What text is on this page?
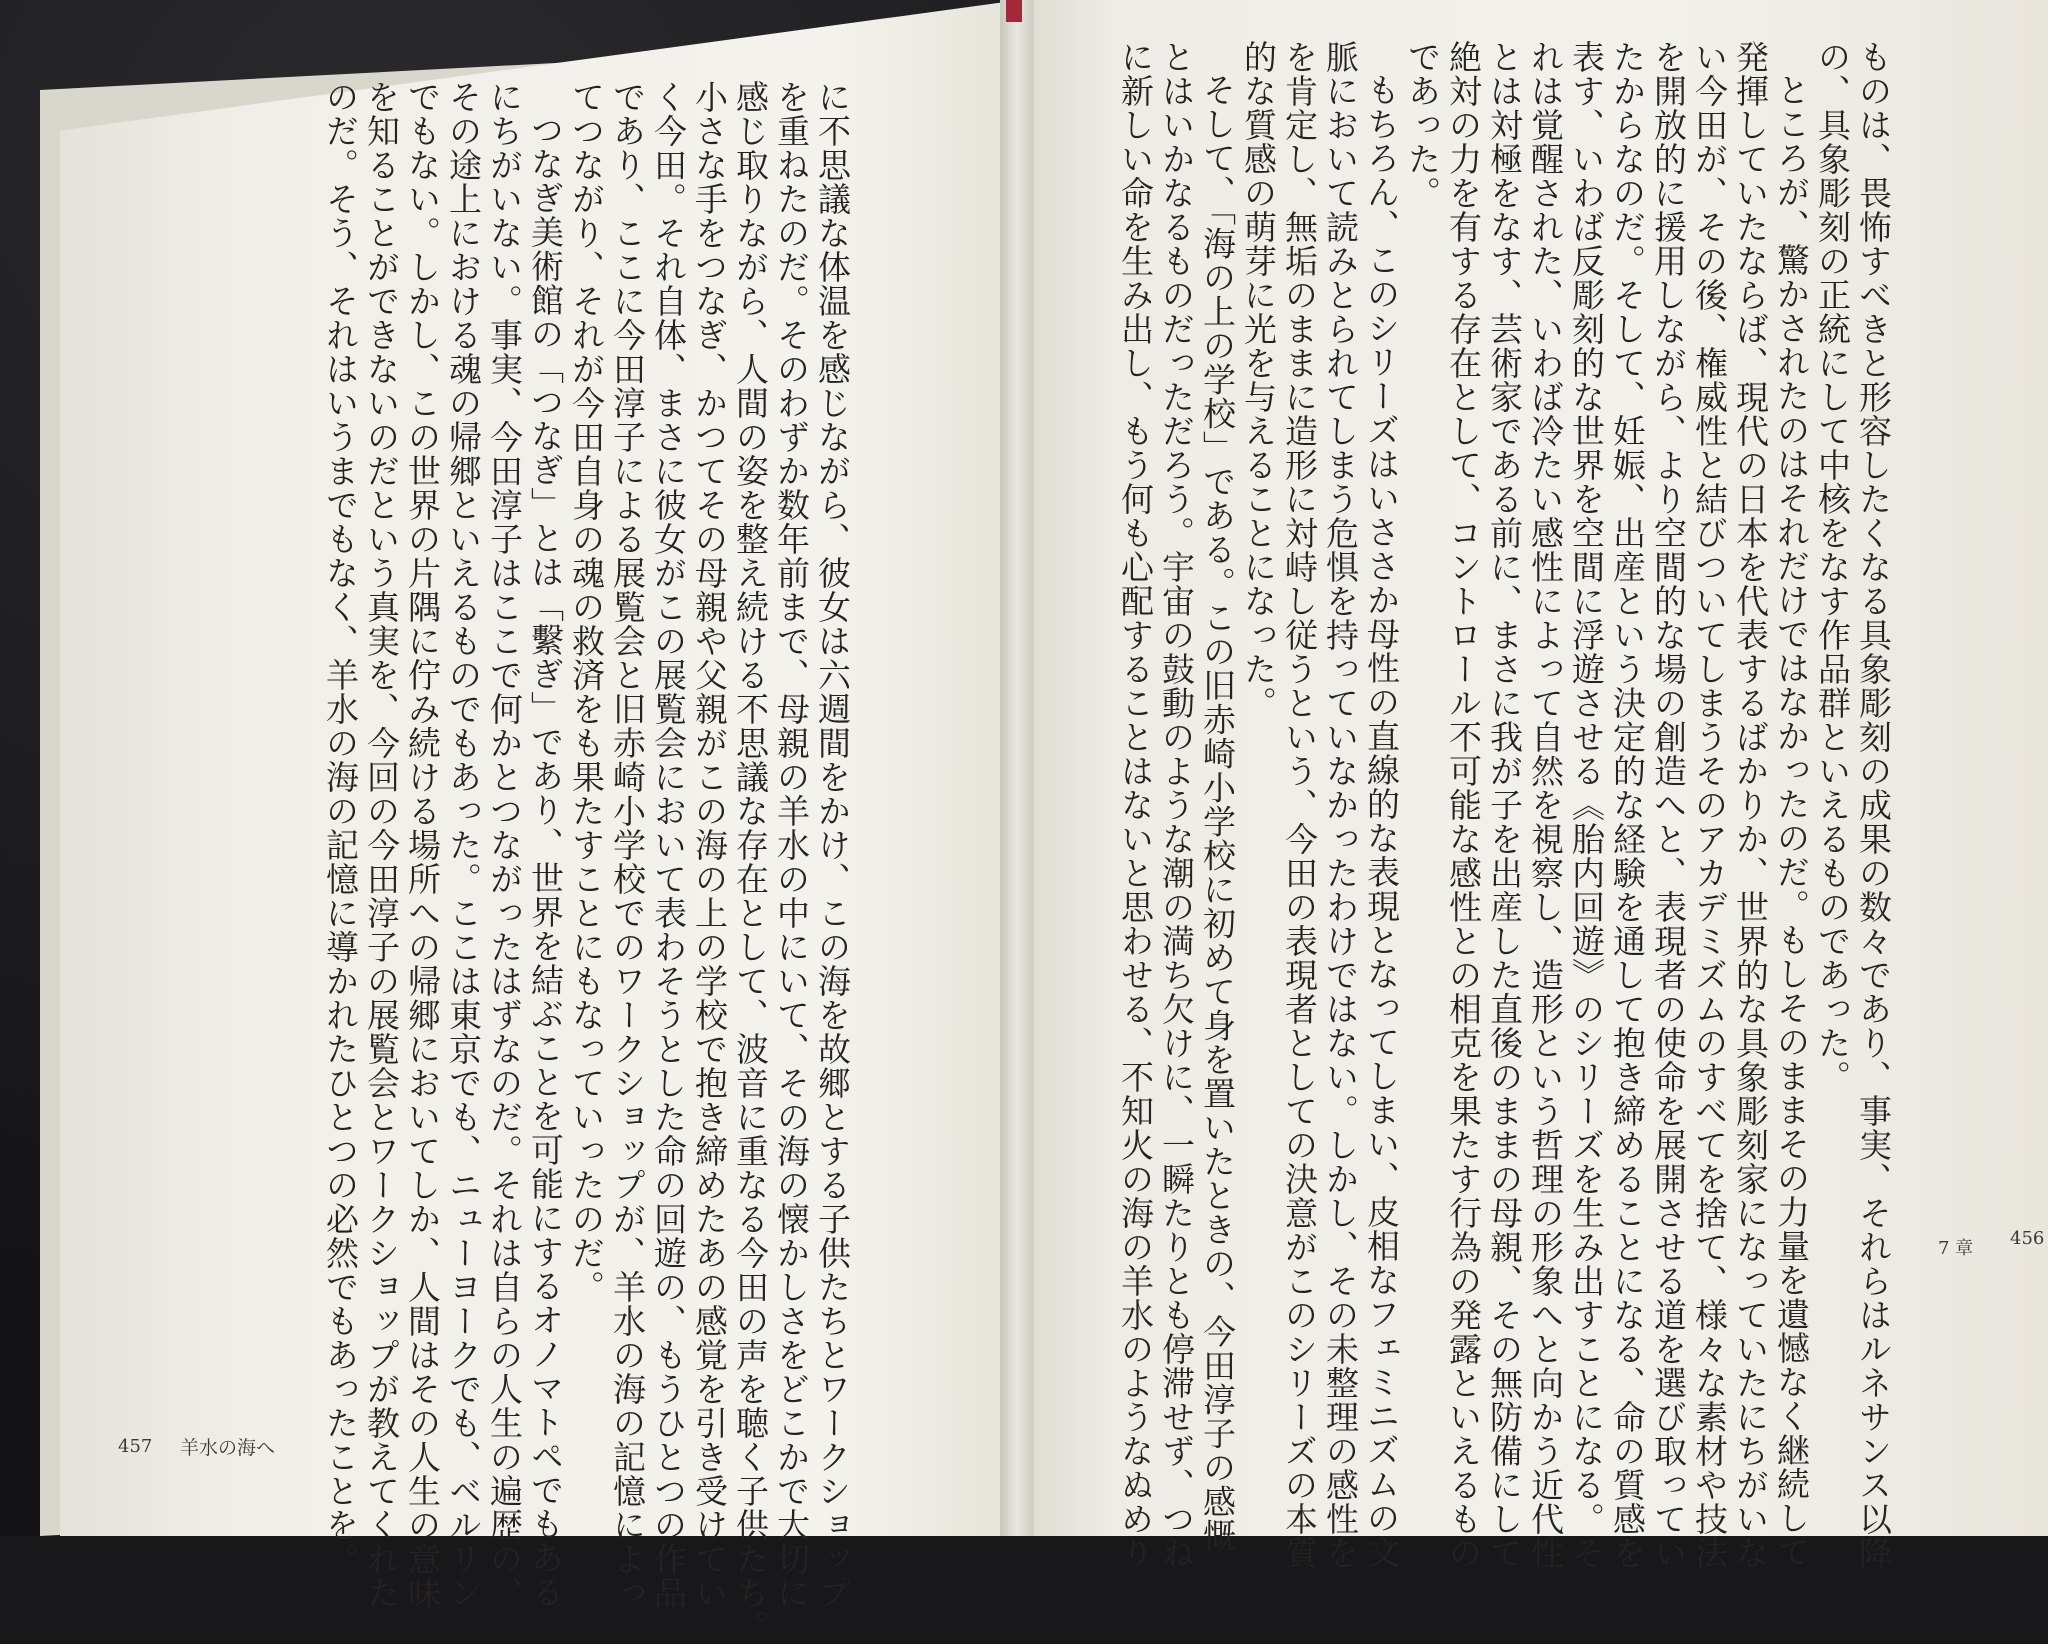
に不思議な体温を感じながら、彼女は六週間をかけ、この海を故郷とする子供たちとワークショップ

を重ねたのだ。そのわずか数年前まで、母親の羊水の中にいて、その海の懐かしさをどこかで大切に

感じ取りながら、人間の姿を整え続ける不思議な存在として、波音に重なる今田の声を聴く子供たち。

小さな手をつなぎ、かつてその母親や父親がこの海の上の学校で抱き締めたあの感覚を引き受けてい

く今田。それ自体、まさに彼女がこの展覧会において表わそうとした命の回遊の、もうひとつの作品

であり、ここに今田淳子による展覧会と旧赤崎小学校でのワークショップが、羊水の海の記憶によっ

てつながり、それが今田自身の魂の救済をも果たすことにもなっていったのだ。

つなぎ美術館の「つなぎ」とは「繫ぎ」であり、世界を結ぶことを可能にするオノマトペでもある

にちがいない。事実、今田淳子はここで何かとつながったはずなのだ。それは自らの人生の遍歴の、

その途上における魂の帰郷といえるものでもあった。ここは東京でも、ニューヨークでも、ベルリン

でもない。しかし、この世界の片隅に佇み続ける場所への帰郷においてしか、人間はその人生の意味

を知ることができないのだという真実を、今回の今田淳子の展覧会とワークショップが教えてくれた

のだ。そう、それはいうまでもなく、羊水の海の記憶に導かれたひとつの必然でもあったことを。	ものは、畏怖すべきと形容したくなる具象彫刻の成果の数々であり、事実、それらはルネサンス以降

の、具象彫刻の正統にして中核をなす作品群といえるものであった。

ところが、驚かされたのはそれだけではなかったのだ。もしそのままその力量を遺憾なく継続して

発揮していたならば、現代の日本を代表するばかりか、世界的な具象彫刻家になっていたにちがいな

い今田が、その後、権威性と結びついてしまうそのアカデミズムのすべてを捨て、様々な素材や技法

を開放的に援用しながら、より空間的な場の創造へと、表現者の使命を展開させる道を選び取ってい

たからなのだ。そして、妊娠、出産という決定的な経験を通して抱き締めることになる、命の質感を

表す、いわば反彫刻的な世界を空間に浮遊させる《胎内回遊》のシリーズを生み出すことになる。そ

れは覚醒された、いわば冷たい感性によって自然を視察し、造形という哲理の形象へと向かう近代性

とは対極をなす、芸術家である前に、まさに我が子を出産した直後のままの母親、その無防備にして

絶対の力を有する存在として、コントロール不可能な感性との相克を果たす行為の発露といえるもの

であった。

もちろん、このシリーズはいささか母性の直線的な表現となってしまい、皮相なフェミニズムの文

脈において読みとられてしまう危惧を持っていなかったわけではない。しかし、その未整理の感性を

を肯定し、無垢のままに造形に対峙し従うという、今田の表現者としての決意がこのシリーズの本質

的な質感の萌芽に光を与えることになった。

そして、「海の上の学校」である。この旧赤崎小学校に初めて身を置いたときの、今田淳子の感慨

とはいかなるものだっただろう。宇宙の鼓動のような潮の満ち欠けに、一瞬たりとも停滞せず、つね

に新しい命を生み出し、もう何も心配することはないと思わせる、不知火の海の羊水のようなぬめり

457 羊水の海へ
7 章 456
